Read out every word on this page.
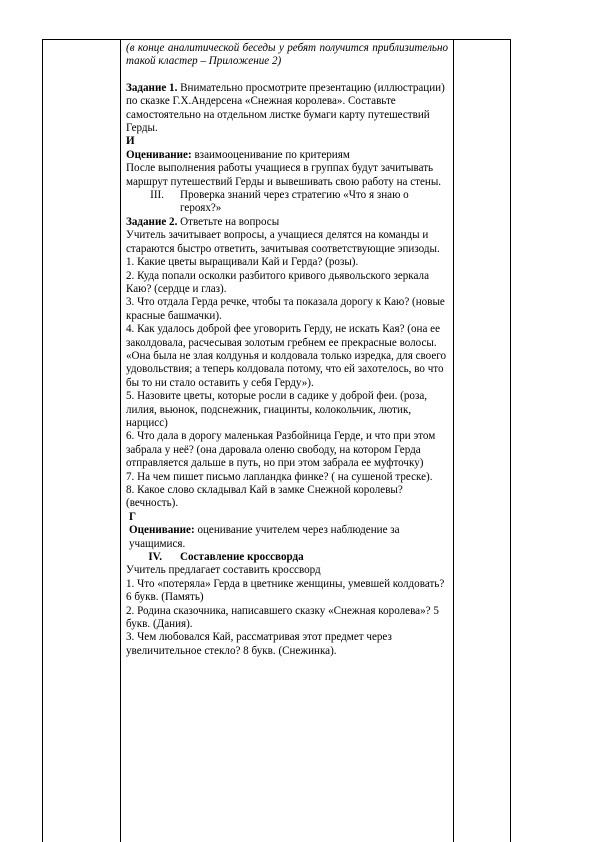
(в конце аналитической беседы у ребят получится приблизительно такой кластер – Приложение 2)

Задание 1. Внимательно просмотрите презентацию (иллюстрации) по сказке Г.Х.Андерсена «Снежная королева». Составьте самостоятельно на отдельном листке бумаги карту путешествий Герды.

И

Оценивание: взаимооценивание по критериям

После выполнения работы учащиеся в группах будут зачитывать маршрут путешествий Герды и вывешивать свою работу на стены.

III.	Проверка знаний через стратегию «Что я знаю о героях?»

Задание 2. Ответьте на вопросы

Учитель зачитывает вопросы, а учащиеся делятся на команды и стараются быстро ответить, зачитывая соответствующие эпизоды.

1. Какие цветы выращивали Кай и Герда? (розы).

2. Куда попали осколки разбитого кривого дьявольского зеркала Каю? (сердце и глаз).

3. Что отдала Герда речке, чтобы та показала дорогу к Каю? (новые красные башмачки).

4. Как удалось доброй фее уговорить Герду, не искать Кая? (она ее заколдовала, расчесывая золотым гребнем ее прекрасные волосы. «Она была не злая колдунья и колдовала только изредка, для своего удовольствия; а теперь колдовала потому, что ей захотелось, во что бы то ни стало оставить у себя Герду»).

5. Назовите цветы, которые росли в садике у доброй феи. (роза, лилия, вьюнок, подснежник, гиацинты, колокольчик, лютик, нарцисс)

6. Что дала в дорогу маленькая Разбойница Герде, и что при этом забрала у неё? (она даровала оленю свободу, на котором Герда отправляется дальше в путь, но при этом забрала ее муфточку)

7. На чем пишет письмо лапландка финке? ( на сушеной треске).

8. Какое слово складывал Кай в замке Снежной королевы? (вечность).

Г

Оценивание: оценивание учителем через наблюдение за учащимися.

IV.	Составление кроссворда

Учитель предлагает составить кроссворд

1. Что «потеряла» Герда в цветнике женщины, умевшей колдовать? 6 букв. (Память)

2. Родина сказочника, написавшего сказку «Снежная королева»? 5 букв. (Дания).

3. Чем любовался Кай, рассматривая этот предмет через увеличительное стекло? 8 букв. (Снежинка).
